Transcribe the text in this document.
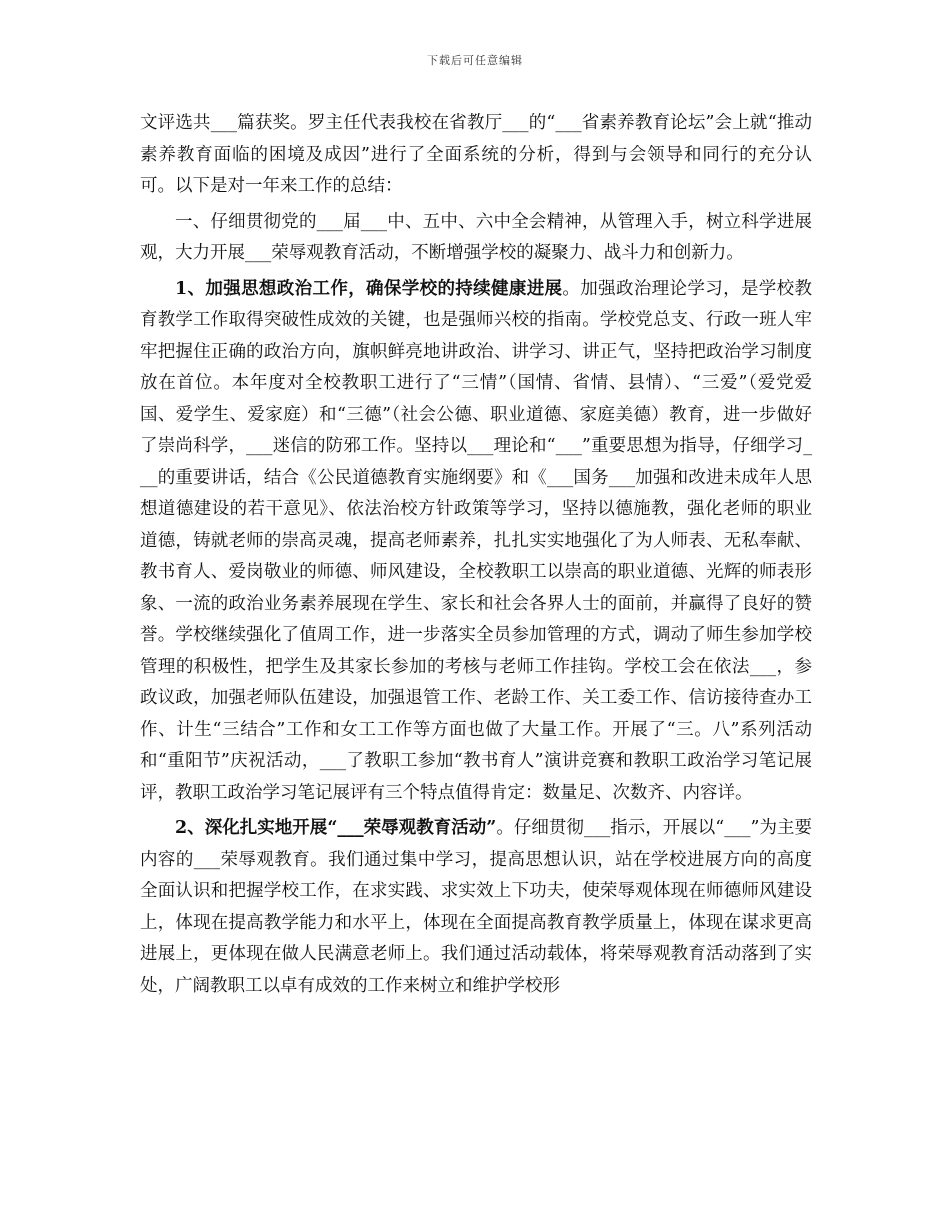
下载后可任意编辑

文评选共___篇获奖。罗主任代表我校在省教厅___的“___省素养教育论坛”会上就“推动素养教育面临的困境及成因”进行了全面系统的分析，得到与会领导和同行的充分认可。以下是对一年来工作的总结：

一、仔细贯彻党的___届___中、五中、六中全会精神，从管理入手，树立科学进展观，大力开展___荣辱观教育活动，不断增强学校的凝聚力、战斗力和创新力。

1、加强思想政治工作，确保学校的持续健康进展。加强政治理论学习，是学校教育教学工作取得突破性成效的关键，也是强师兴校的指南。学校党总支、行政一班人牢牢把握住正确的政治方向，旗帜鲜亮地讲政治、讲学习、讲正气，坚持把政治学习制度放在首位。本年度对全校教职工进行了“三情”（国情、省情、县情）、“三爱”（爱党爱国、爱学生、爱家庭）和“三德”（社会公德、职业道德、家庭美德）教育，进一步做好了崇尚科学，___迷信的防邪工作。坚持以___理论和“___”重要思想为指导，仔细学习___的重要讲话，结合《公民道德教育实施纲要》和《___国务___加强和改进未成年人思想道德建设的若干意见》、依法治校方针政策等学习，坚持以德施教，强化老师的职业道德，铸就老师的崇高灵魂，提高老师素养，扎扎实实地强化了为人师表、无私奉献、教书育人、爱岗敬业的师德、师风建设，全校教职工以崇高的职业道德、光辉的师表形象、一流的政治业务素养展现在学生、家长和社会各界人士的面前，并赢得了良好的赞誉。学校继续强化了值周工作，进一步落实全员参加管理的方式，调动了师生参加学校管理的积极性，把学生及其家长参加的考核与老师工作挂钩。学校工会在依法___，参政议政，加强老师队伍建设，加强退管工作、老龄工作、关工委工作、信访接待查办工作、计生“三结合”工作和女工工作等方面也做了大量工作。开展了“三。八”系列活动和“重阳节”庆祝活动，___了教职工参加“教书育人”演讲竞赛和教职工政治学习笔记展评，教职工政治学习笔记展评有三个特点值得肯定：数量足、次数齐、内容详。

2、深化扎实地开展“___荣辱观教育活动”。仔细贯彻___指示，开展以“___”为主要内容的___荣辱观教育。我们通过集中学习，提高思想认识，站在学校进展方向的高度全面认识和把握学校工作，在求实践、求实效上下功夫，使荣辱观体现在师德师风建设上，体现在提高教学能力和水平上，体现在全面提高教育教学质量上，体现在谋求更高进展上，更体现在做人民满意老师上。我们通过活动载体，将荣辱观教育活动落到了实处，广阔教职工以卓有成效的工作来树立和维护学校形
